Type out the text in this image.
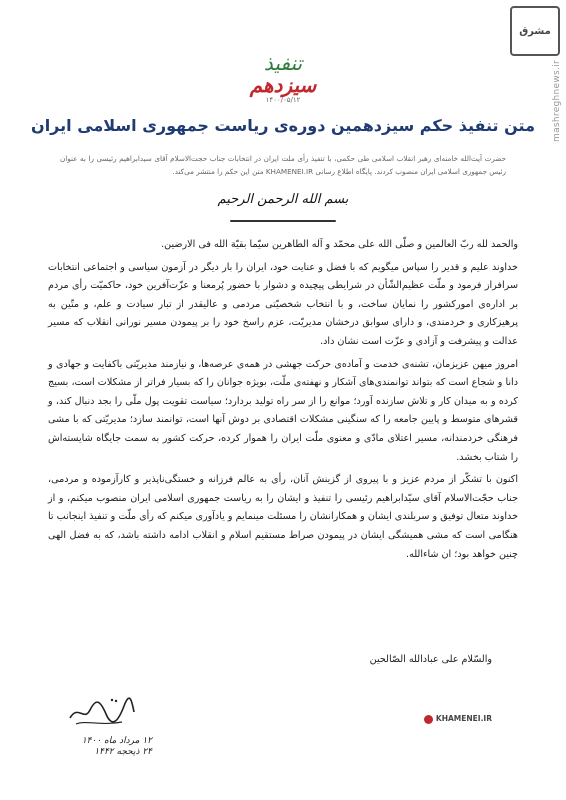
مشرق
mashreghnews.ir
تنفیذ سیزدهم
۱۴۰۰/۰۵/۱۲
متن تنفیذ حکم سیزدهمین دوره‌ی ریاست جمهوری اسلامی ایران
حضرت آیت‌الله خامنه‌ای رهبر انقلاب اسلامی طی حکمی، با تنفیذ رأی ملت ایران در انتخابات جناب حجت‌الاسلام آقای سیدابراهیم رئیسی را به عنوان رئیس جمهوری اسلامی ایران منصوب کردند. پایگاه اطلاع رسانی KHAMENEI.IR متن این حکم را منتشر می‌کند.
بسم الله الرحمن الرحیم

والحمد لله ربّ العالمین و صلّی الله علی محمّد و آله الطاهرین سیّما بقیّة الله فی الارضین.

خداوند علیم و قدیر را سپاس میگویم که با فضل و عنایت خود، ایران را بار دیگر در آزمون سیاسی و اجتماعی انتخابات سرافراز فرمود و ملّت عظیم‌الشّأن در شرایطی پیچیده و دشوار با حضور پُرمعنا و عزّت‌آفرین خود، حاکمیّت رأی مردم بر اداره‌ی امورکشور را نمایان ساخت، و با انتخاب شخصیّتی مردمی و عالیقدر از تبار سیادت و علم، و متّین به پرهیزکاری و خردمندی، و دارای سوابق درخشان مدیریّت، عزم راسخ خود را بر پیمودن مسیر نورانی انقلاب که مسیر عدالت و پیشرفت و آزادی و عزّت است نشان داد.

امروز میهن عزیزمان، تشنه‌ی خدمت و آماده‌ی حرکت جهشی در همه‌ی عرصه‌ها، و نیازمند مدیریّتی باکفایت و جهادی و دانا و شجاع است که بتواند توانمندی‌های آشکار و نهفته‌ی ملّت، بویژه جوانان را که بسیار فراتر از مشکلات است، بسیج کرده و به میدان کار و تلاش سازنده آورد؛ موانع را از سر راه تولید بردارد؛ سیاست تقویت پول ملّی را بجد دنبال کند، و قشرهای متوسط و پایین جامعه را که سنگینی مشکلات اقتصادی بر دوش آنها است، توانمند سازد؛ مدیریّتی که با مشی فرهنگی خردمندانه، مسیر اعتلای مادّی و معنوی ملّت ایران را هموار کرده، حرکت کشور به سمت جایگاه شایسته‌اش را شتاب بخشد.

اکنون با تشکّر از مردم عزیز و با پیروی از گزینش آنان، رأی به عالم فرزانه و خستگی‌ناپذیر و کارآزموده و مردمی، جناب حجّت‌الاسلام آقای سیّدابراهیم رئیسی را تنفیذ و ایشان را به ریاست جمهوری اسلامی ایران منصوب میکنم، و از خداوند متعال توفیق و سربلندی ایشان و همکارانشان را مسئلت مینمایم و یادآوری میکنم که رأی ملّت و تنفیذ اینجانب تا هنگامی است که مشی همیشگی ایشان در پیمودن صراط مستقیم اسلام و انقلاب ادامه داشته باشد، که به فضل الهی چنین خواهد بود؛ ان شاءالله.

والسّلام علی عبادالله الصّالحین
۱۲ مرداد ماه ۱۴۰۰
۲۴ ذیحجه ۱۴۴۲
KHAMENEI.IR
